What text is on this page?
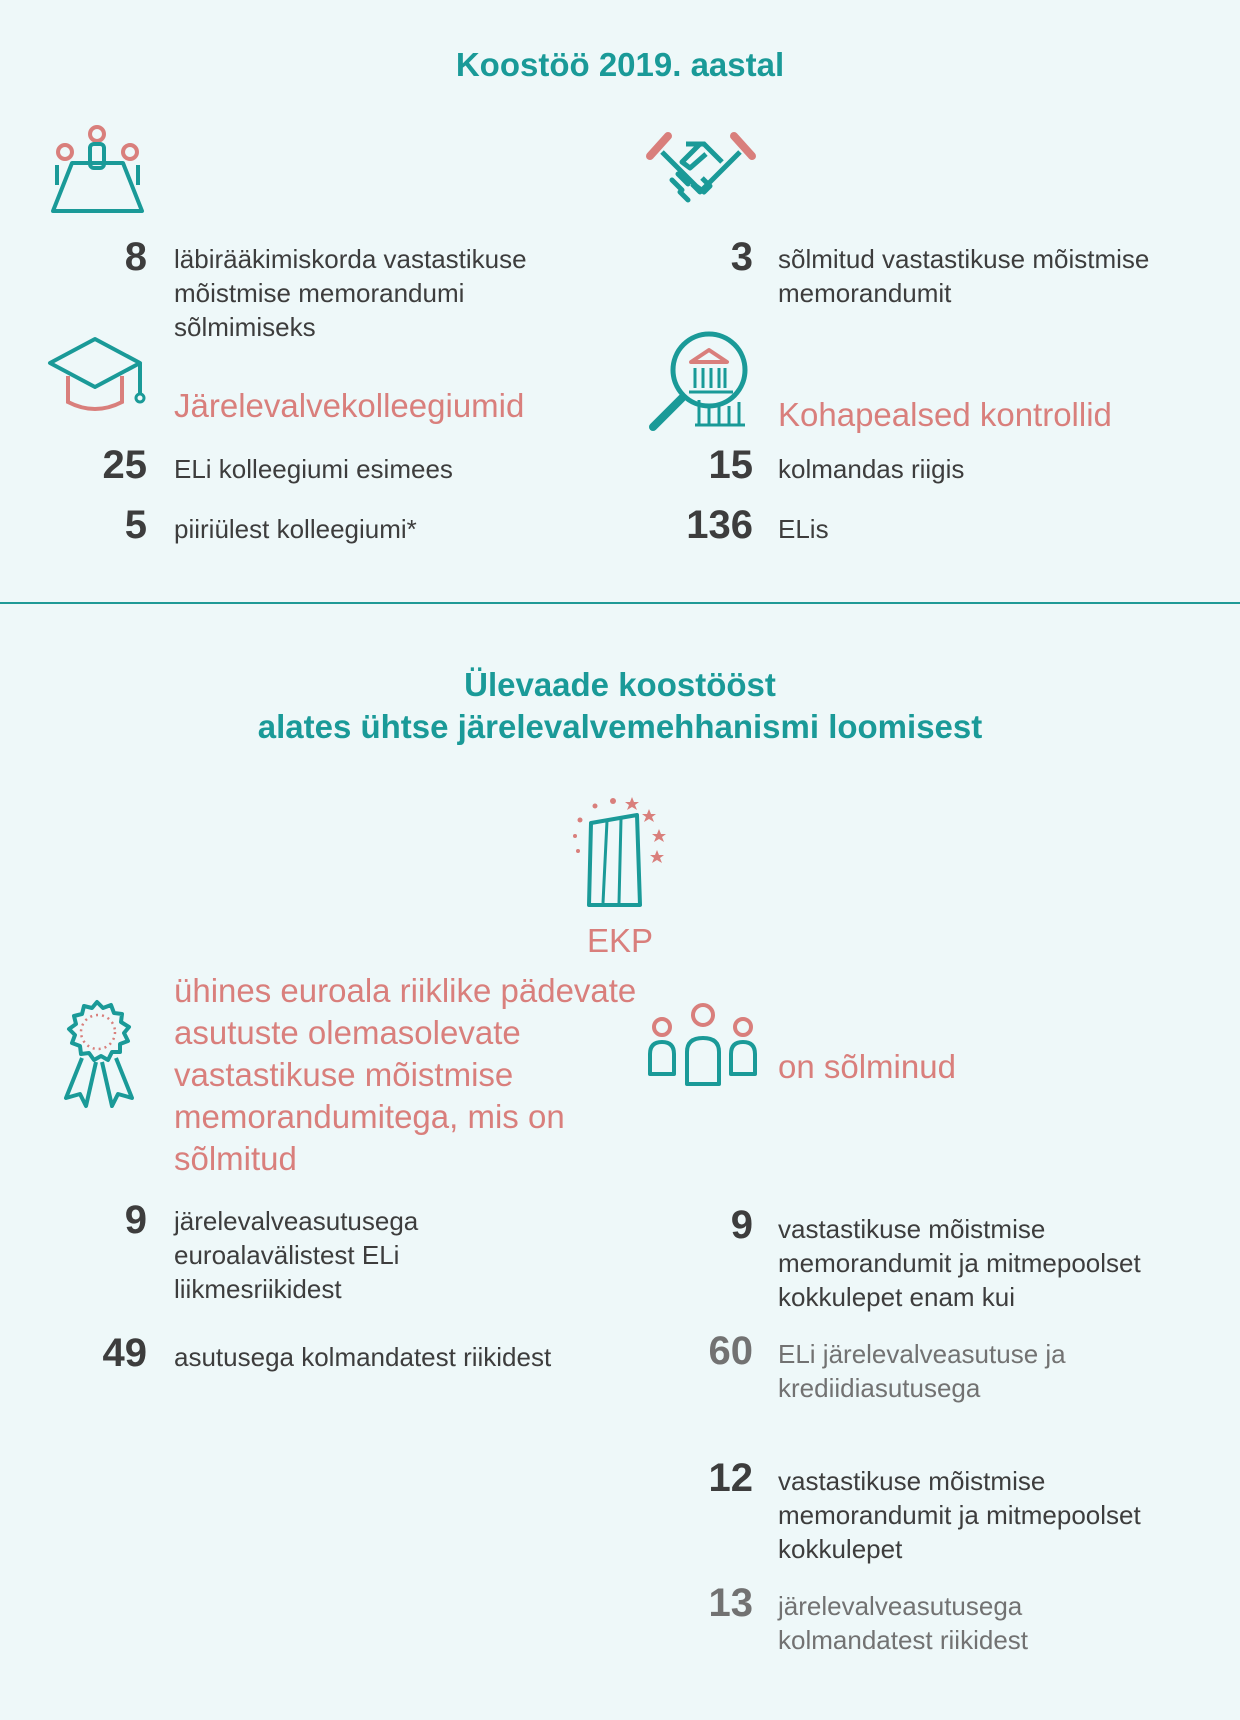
Koostöö 2019. aastal
8 läbirääkimiskorda vastastikuse mõistmise memorandumi sõlmimiseks
3 sõlmitud vastastikuse mõistmise memorandumit
Järelevalvekolleegiumid
25 ELi kolleegiumi esimees
5 piiriülest kolleegiumi*
Kohapealsed kontrollid
15 kolmandas riigis
136 ELis
Ülevaade koostööst
alates ühtse järelevalvemehhanismi loomisest
EKP
ühines euroala riiklike pädevate asutuste olemasolevate vastastikuse mõistmise memorandumitega, mis on sõlmitud
9 järelevalveasutusega euroalavälistest ELi liikmesriikidest
49 asutusega kolmandatest riikidest
on sõlminud
9 vastastikuse mõistmise memorandumit ja mitmepoolset kokkulepet enam kui
60 ELi järelevalveasutuse ja krediidiasutusega
12 vastastikuse mõistmise memorandumit ja mitmepoolset kokkulepet
13 järelevalveasutusega kolmandatest riikidest
